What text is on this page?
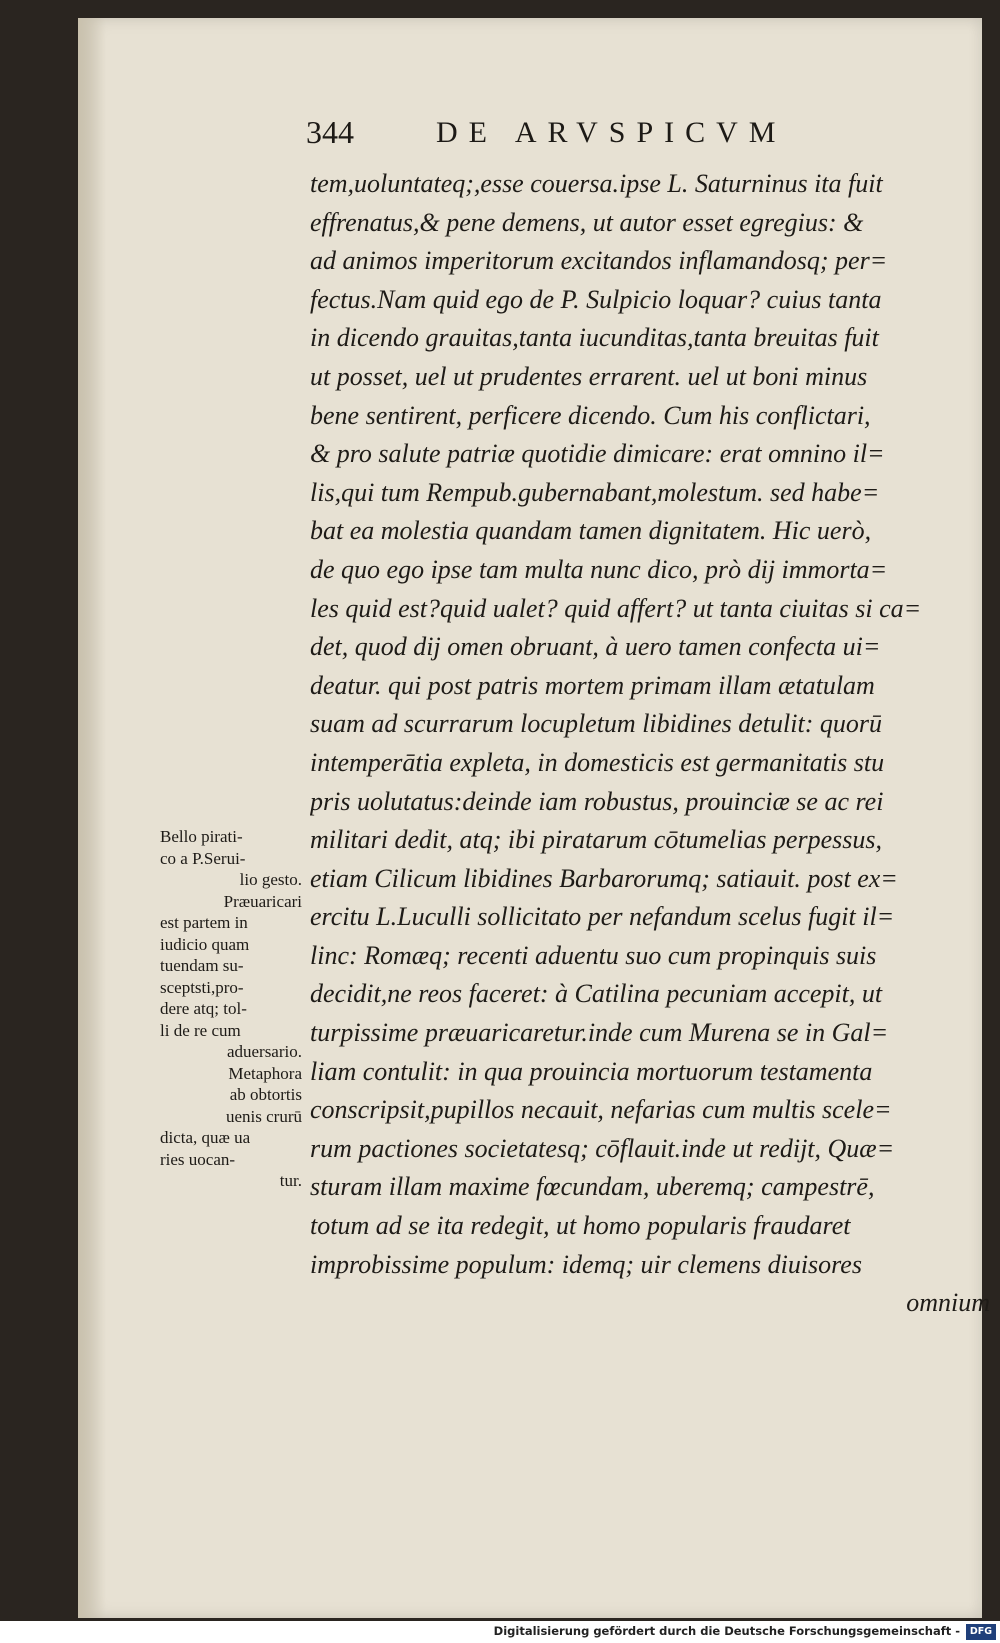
344	DE ARVSPICVM
tem,uoluntateq;,esse couersa.ipse L. Saturninus ita fuit
effrenatus,& pene demens, ut autor esset egregius: &
ad animos imperitorum excitandos inflamandosq; per=
fectus.Nam quid ego de P. Sulpicio loquar? cuius tanta
in dicendo grauitas,tanta iucunditas,tanta breuitas fuit
ut posset, uel ut prudentes errarent. uel ut boni minus
bene sentirent, perficere dicendo. Cum his conflictari,
& pro salute patriæ quotidie dimicare: erat omnino il=
lis,qui tum Rempub.gubernabant,molestum. sed habe=
bat ea molestia quandam tamen dignitatem. Hic uerò,
de quo ego ipse tam multa nunc dico, prò dij immorta=
les quid est?quid ualet? quid affert? ut tanta ciuitas si ca=
det, quod dij omen obruant, à uero tamen confecta ui=
deatur. qui post patris mortem primam illam ætatulam
suam ad scurrarum locupletum libidines detulit: quorū
intemperātia expleta, in domesticis est germanitatis stu
pris uolutatus:deinde iam robustus, prouinciæ se ac rei
militari dedit, atq; ibi piratarum cōtumelias perpessus,
etiam Cilicum libidines Barbarorumq; satiauit. post ex=
ercitu L.Luculli sollicitato per nefandum scelus fugit il=
linc: Romæq; recenti aduentu suo cum propinquis suis
decidit,ne reos faceret: à Catilina pecuniam accepit, ut
turpissime præuaricaretur.inde cum Murena se in Gal=
liam contulit: in qua prouincia mortuorum testamenta
conscripsit,pupillos necauit, nefarias cum multis scele=
rum pactiones societatesq; cōflauit.inde ut redijt, Quæ=
sturam illam maxime fœcundam, uberemq; campestrē,
totum ad se ita redegit, ut homo popularis fraudaret
improbissime populum: idemq; uir clemens diuisores
omnium
Bello pirati-
co a P.Serui-
lio gesto.
Præuaricari
est partem in
iudicio quam
tuendam su-
sceptsti,pro-
dere atq; tol-
li de re cum
aduersario.
Metaphora
ab obtortis
uenis crurū
dicta, quæ ua
ries uocan-
tur.
Digitalisierung gefördert durch die Deutsche Forschungsgemeinschaft -	DFG
